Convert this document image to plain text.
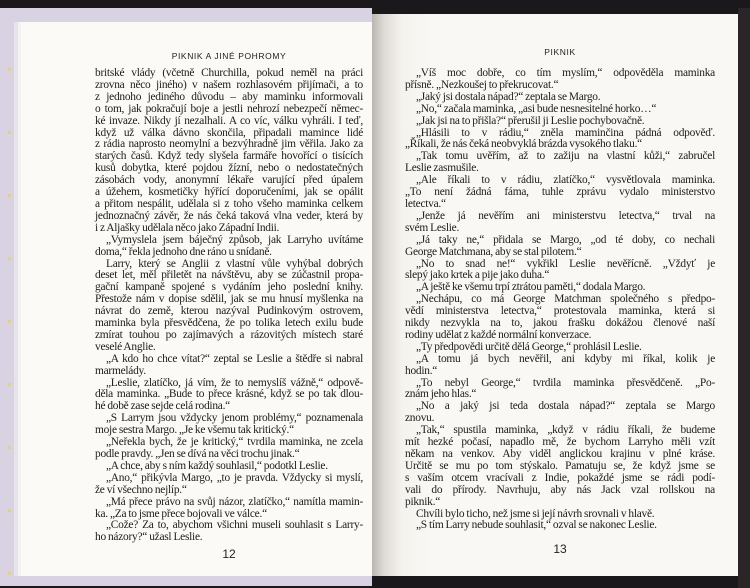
PIKNIK A JINÉ POHROMY	PIKNIK
britské vlády (včetně Churchilla, pokud neměl na práci
zrovna něco jiného) v našem rozhlasovém přijímači, a to
z jednoho jediného důvodu – aby maminku informovali
o tom, jak pokračují boje a jestli nehrozí nebezpečí němec-
ké invaze. Nikdy jí nezalhali. A co víc, válku vyhráli. I teď,
když už válka dávno skončila, připadali mamince lidé
z rádia naprosto neomylní a bezvýhradně jim věřila. Jako za
starých časů. Když tedy slyšela farmáře hovořící o tisících
kusů dobytka, které pojdou žízní, nebo o nedostatečných
zásobách vody, anonymní lékaře varující před úpalem
a úžehem, kosmetičky hýřící doporučeními, jak se opálit
a přitom nespálit, udělala si z toho všeho maminka celkem
jednoznačný závěr, že nás čeká taková vlna veder, která by
i z Aljašky udělala něco jako Západní Indii.
„Vymyslela jsem báječný způsob, jak Larryho uvítáme
doma,“ řekla jednoho dne ráno u snídaně.
Larry, který se Anglii z vlastní vůle vyhýbal dobrých
deset let, měl přiletět na návštěvu, aby se zúčastnil propa-
gační kampaně spojené s vydáním jeho poslední knihy.
Přestože nám v dopise sdělil, jak se mu hnusí myšlenka na
návrat do země, kterou nazýval Pudinkovým ostrovem,
maminka byla přesvědčena, že po tolika letech exilu bude
zmírat touhou po zajímavých a rázovitých místech staré
veselé Anglie.
„A kdo ho chce vítat?“ zeptal se Leslie a štědře si nabral
marmelády.
„Leslie, zlatíčko, já vím, že to nemyslíš vážně,“ odpově-
děla maminka. „Bude to přece krásné, když se po tak dlou-
hé době zase sejde celá rodina.“
„S Larrym jsou vždycky jenom problémy,“ poznamenala
moje sestra Margo. „Je ke všemu tak kritický.“
„Neřekla bych, že je kritický,“ tvrdila maminka, ne zcela
podle pravdy. „Jen se dívá na věci trochu jinak.“
„A chce, aby s ním každý souhlasil,“ podotkl Leslie.
„Ano,“ přikývla Margo, „to je pravda. Vždycky si myslí,
že ví všechno nejlíp.“
„Má přece právo na svůj názor, zlatíčko,“ namítla mamin-
ka. „Za to jsme přece bojovali ve válce.“
„Cože? Za to, abychom všichni museli souhlasit s Larry-
ho názory?“ užasl Leslie.
„Víš moc dobře, co tím myslím,“ odpověděla maminka
přísně. „Nezkoušej to překrucovat.“
„Jaký jsi dostala nápad?“ zeptala se Margo.
„No,“ začala maminka, „asi bude nesnesitelné horko…“
„Jak jsi na to přišla?“ přerušil ji Leslie pochybovačně.
„Hlásili to v rádiu,“ zněla maminčina pádná odpověď.
„Říkali, že nás čeká neobvyklá brázda vysokého tlaku.“
„Tak tomu uvěřím, až to zažiju na vlastní kůži,“ zabručel
Leslie zasmušile.
„Ale říkali to v rádiu, zlatíčko,“ vysvětlovala maminka.
„To není žádná fáma, tuhle zprávu vydalo ministerstvo
letectva.“
„Jenže já nevěřím ani ministerstvu letectva,“ trval na
svém Leslie.
„Já taky ne,“ přidala se Margo, „od té doby, co nechali
George Matchmana, aby se stal pilotem.“
„No to snad ne!“ vykřikl Leslie nevěřícně. „Vždyť je
slepý jako krtek a pije jako duha.“
„A ještě ke všemu trpí ztrátou paměti,“ dodala Margo.
„Nechápu, co má George Matchman společného s předpo-
vědí ministerstva letectva,“ protestovala maminka, která si
nikdy nezvykla na to, jakou frašku dokážou členové naší
rodiny udělat z každé normální konverzace.
„Ty předpovědi určitě dělá George,“ prohlásil Leslie.
„A tomu já bych nevěřil, ani kdyby mi říkal, kolik je
hodin.“
„To nebyl George,“ tvrdila maminka přesvědčeně. „Po-
znám jeho hlas.“
„No a jaký jsi teda dostala nápad?“ zeptala se Margo
znovu.
„Tak,“ spustila maminka, „když v rádiu říkali, že budeme
mít hezké počasí, napadlo mě, že bychom Larryho měli vzít
někam na venkov. Aby viděl anglickou krajinu v plné kráse.
Určitě se mu po tom stýskalo. Pamatuju se, že když jsme se
s vaším otcem vracívali z Indie, pokaždé jsme se rádi podí-
vali do přírody. Navrhuju, aby nás Jack vzal rollskou na
piknik.“
Chvíli bylo ticho, než jsme si její návrh srovnali v hlavě.
„S tím Larry nebude souhlasit,“ ozval se nakonec Leslie.
12	13
